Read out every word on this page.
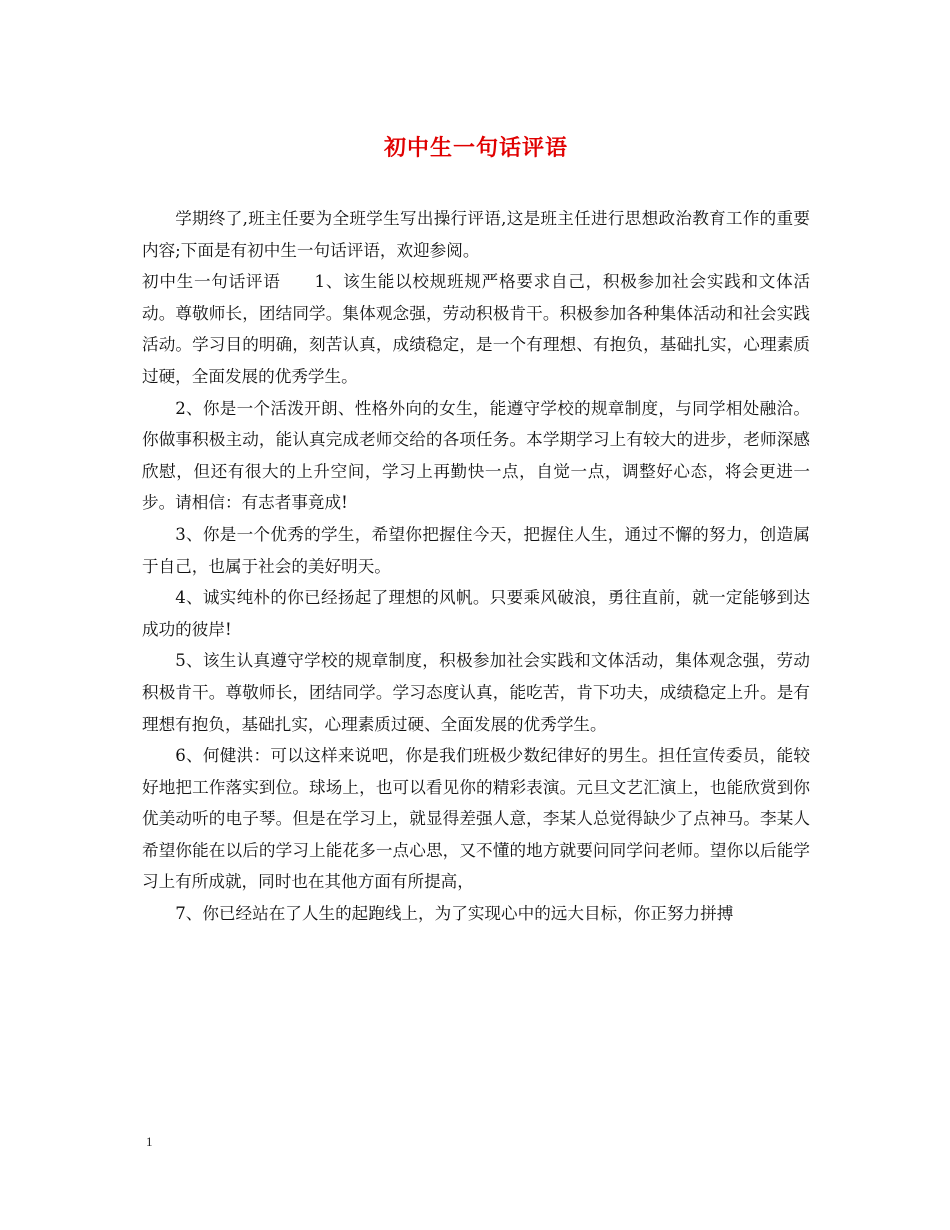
初中生一句话评语

学期终了,班主任要为全班学生写出操行评语,这是班主任进行思想政治教育工作的重要内容;下面是有初中生一句话评语，欢迎参阅。

初中生一句话评语 1、该生能以校规班规严格要求自己，积极参加社会实践和文体活动。尊敬师长，团结同学。集体观念强，劳动积极肯干。积极参加各种集体活动和社会实践活动。学习目的明确，刻苦认真，成绩稳定，是一个有理想、有抱负，基础扎实，心理素质过硬，全面发展的优秀学生。

2、你是一个活泼开朗、性格外向的女生，能遵守学校的规章制度，与同学相处融洽。你做事积极主动，能认真完成老师交给的各项任务。本学期学习上有较大的进步，老师深感欣慰，但还有很大的上升空间，学习上再勤快一点，自觉一点，调整好心态，将会更进一步。请相信：有志者事竟成!

3、你是一个优秀的学生，希望你把握住今天，把握住人生，通过不懈的努力，创造属于自己，也属于社会的美好明天。

4、诚实纯朴的你已经扬起了理想的风帆。只要乘风破浪，勇往直前，就一定能够到达成功的彼岸!

5、该生认真遵守学校的规章制度，积极参加社会实践和文体活动，集体观念强，劳动积极肯干。尊敬师长，团结同学。学习态度认真，能吃苦，肯下功夫，成绩稳定上升。是有理想有抱负，基础扎实，心理素质过硬、全面发展的优秀学生。

6、何健洪：可以这样来说吧，你是我们班极少数纪律好的男生。担任宣传委员，能较好地把工作落实到位。球场上，也可以看见你的精彩表演。元旦文艺汇演上，也能欣赏到你优美动听的电子琴。但是在学习上，就显得差强人意，李某人总觉得缺少了点神马。李某人希望你能在以后的学习上能花多一点心思，又不懂的地方就要问同学问老师。望你以后能学习上有所成就，同时也在其他方面有所提高，

7、你已经站在了人生的起跑线上，为了实现心中的远大目标，你正努力拼搏

1
